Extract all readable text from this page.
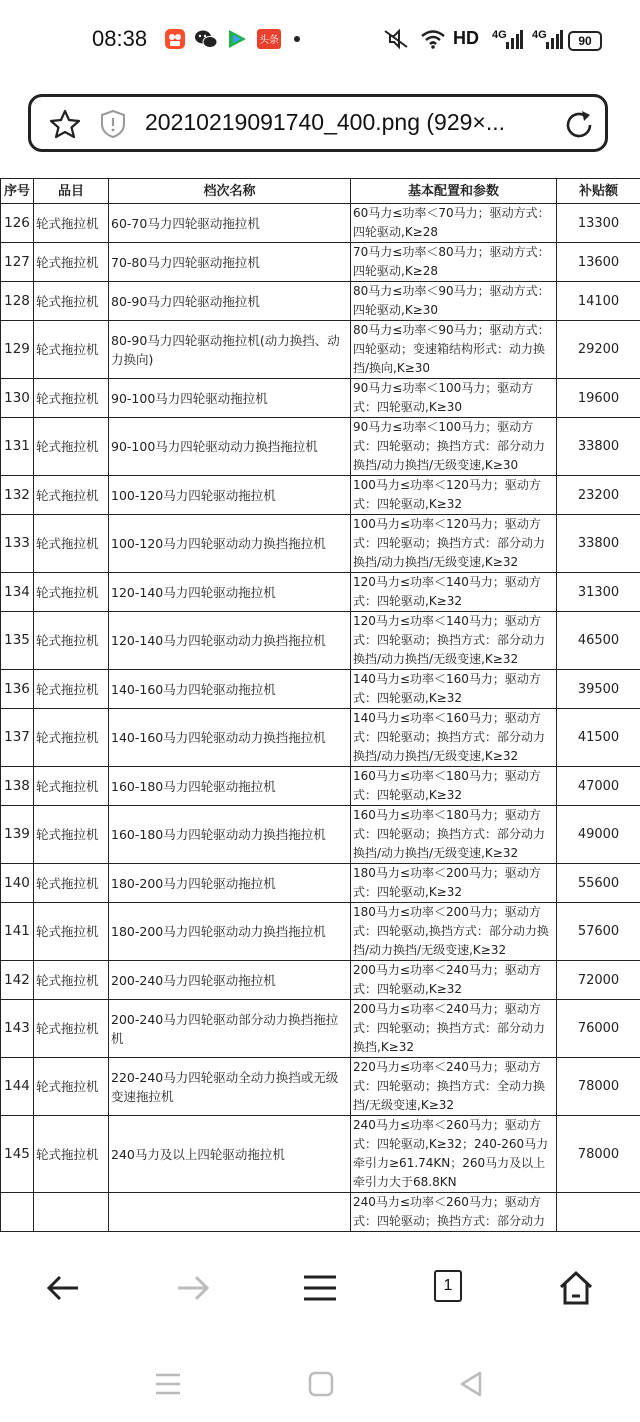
08:38	头条	HD 4G 4G	90
20210219091740_400.png (929×...
序号	品目	档次名称	基本配置和参数	补贴额
126	轮式拖拉机	60-70马力四轮驱动拖拉机	60马力≤功率＜70马力；驱动方式：四轮驱动,K≥28	13300
127	轮式拖拉机	70-80马力四轮驱动拖拉机	70马力≤功率＜80马力；驱动方式：四轮驱动,K≥28	13600
128	轮式拖拉机	80-90马力四轮驱动拖拉机	80马力≤功率＜90马力；驱动方式：四轮驱动,K≥30	14100
129	轮式拖拉机	80-90马力四轮驱动拖拉机(动力换挡、动力换向)	80马力≤功率＜90马力；驱动方式：四轮驱动；变速箱结构形式：动力换挡/换向,K≥30	29200
130	轮式拖拉机	90-100马力四轮驱动拖拉机	90马力≤功率＜100马力；驱动方式：四轮驱动,K≥30	19600
131	轮式拖拉机	90-100马力四轮驱动动力换挡拖拉机	90马力≤功率＜100马力；驱动方式：四轮驱动；换挡方式：部分动力换挡/动力换挡/无级变速,K≥30	33800
132	轮式拖拉机	100-120马力四轮驱动拖拉机	100马力≤功率＜120马力；驱动方式：四轮驱动,K≥32	23200
133	轮式拖拉机	100-120马力四轮驱动动力换挡拖拉机	100马力≤功率＜120马力；驱动方式：四轮驱动；换挡方式：部分动力换挡/动力换挡/无级变速,K≥32	33800
134	轮式拖拉机	120-140马力四轮驱动拖拉机	120马力≤功率＜140马力；驱动方式：四轮驱动,K≥32	31300
135	轮式拖拉机	120-140马力四轮驱动动力换挡拖拉机	120马力≤功率＜140马力；驱动方式：四轮驱动；换挡方式：部分动力换挡/动力换挡/无级变速,K≥32	46500
136	轮式拖拉机	140-160马力四轮驱动拖拉机	140马力≤功率＜160马力；驱动方式：四轮驱动,K≥32	39500
137	轮式拖拉机	140-160马力四轮驱动动力换挡拖拉机	140马力≤功率＜160马力；驱动方式：四轮驱动；换挡方式：部分动力换挡/动力换挡/无级变速,K≥32	41500
138	轮式拖拉机	160-180马力四轮驱动拖拉机	160马力≤功率＜180马力；驱动方式：四轮驱动,K≥32	47000
139	轮式拖拉机	160-180马力四轮驱动动力换挡拖拉机	160马力≤功率＜180马力；驱动方式：四轮驱动；换挡方式：部分动力换挡/动力换挡/无级变速,K≥32	49000
140	轮式拖拉机	180-200马力四轮驱动拖拉机	180马力≤功率＜200马力；驱动方式：四轮驱动,K≥32	55600
141	轮式拖拉机	180-200马力四轮驱动动力换挡拖拉机	180马力≤功率＜200马力；驱动方式：四轮驱动,换挡方式：部分动力换挡/动力换挡/无级变速,K≥32	57600
142	轮式拖拉机	200-240马力四轮驱动拖拉机	200马力≤功率＜240马力；驱动方式：四轮驱动,K≥32	72000
143	轮式拖拉机	200-240马力四轮驱动部分动力换挡拖拉机	200马力≤功率＜240马力；驱动方式：四轮驱动；换挡方式：部分动力换挡,K≥32	76000
144	轮式拖拉机	220-240马力四轮驱动全动力换挡或无级变速拖拉机	220马力≤功率＜240马力；驱动方式：四轮驱动；换挡方式：全动力换挡/无级变速,K≥32	78000
145	轮式拖拉机	240马力及以上四轮驱动拖拉机	240马力≤功率＜260马力；驱动方式：四轮驱动,K≥32；240-260马力牵引力≥61.74KN；260马力及以上牵引力大于68.8KN	78000
			240马力≤功率＜260马力；驱动方式：四轮驱动；换挡方式：部分动力	
1
